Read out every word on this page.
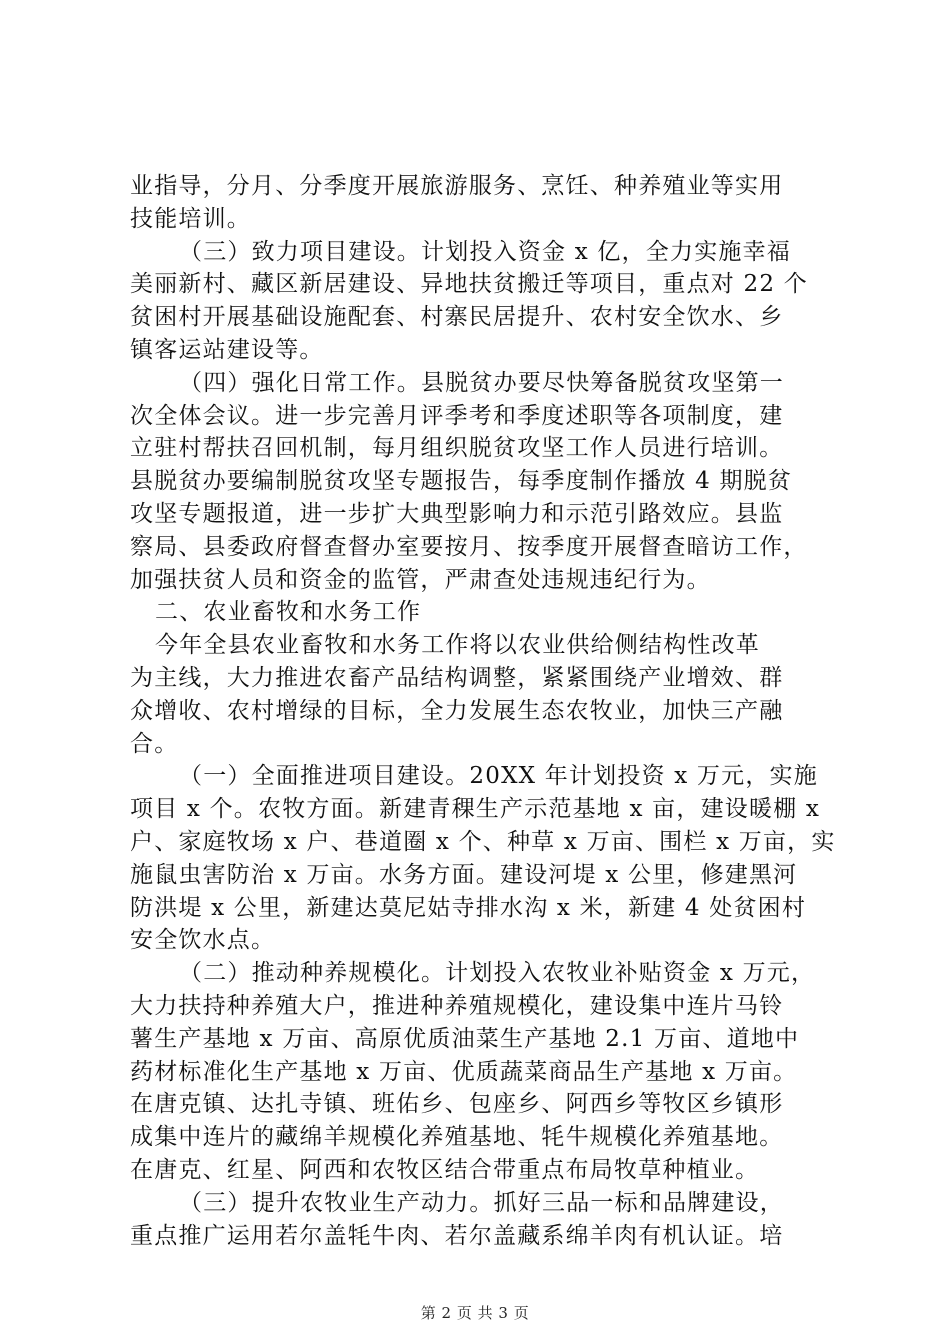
业指导，分月、分季度开展旅游服务、烹饪、种养殖业等实用
技能培训。
（三）致力项目建设。计划投入资金 x 亿，全力实施幸福
美丽新村、藏区新居建设、异地扶贫搬迁等项目，重点对 22 个
贫困村开展基础设施配套、村寨民居提升、农村安全饮水、乡
镇客运站建设等。
（四）强化日常工作。县脱贫办要尽快筹备脱贫攻坚第一
次全体会议。进一步完善月评季考和季度述职等各项制度，建
立驻村帮扶召回机制，每月组织脱贫攻坚工作人员进行培训。
县脱贫办要编制脱贫攻坚专题报告，每季度制作播放 4 期脱贫
攻坚专题报道，进一步扩大典型影响力和示范引路效应。县监
察局、县委政府督查督办室要按月、按季度开展督查暗访工作，
加强扶贫人员和资金的监管，严肃查处违规违纪行为。
二、农业畜牧和水务工作
今年全县农业畜牧和水务工作将以农业供给侧结构性改革
为主线，大力推进农畜产品结构调整，紧紧围绕产业增效、群
众增收、农村增绿的目标，全力发展生态农牧业，加快三产融
合。
（一）全面推进项目建设。20XX 年计划投资 x 万元，实施
项目 x 个。农牧方面。新建青稞生产示范基地 x 亩，建设暖棚 x
户、家庭牧场 x 户、巷道圈 x 个、种草 x 万亩、围栏 x 万亩，实
施鼠虫害防治 x 万亩。水务方面。建设河堤 x 公里，修建黑河
防洪堤 x 公里，新建达莫尼姑寺排水沟 x 米，新建 4 处贫困村
安全饮水点。
（二）推动种养规模化。计划投入农牧业补贴资金 x 万元，
大力扶持种养殖大户，推进种养殖规模化，建设集中连片马铃
薯生产基地 x 万亩、高原优质油菜生产基地 2.1 万亩、道地中
药材标准化生产基地 x 万亩、优质蔬菜商品生产基地 x 万亩。
在唐克镇、达扎寺镇、班佑乡、包座乡、阿西乡等牧区乡镇形
成集中连片的藏绵羊规模化养殖基地、牦牛规模化养殖基地。
在唐克、红星、阿西和农牧区结合带重点布局牧草种植业。
（三）提升农牧业生产动力。抓好三品一标和品牌建设，
重点推广运用若尔盖牦牛肉、若尔盖藏系绵羊肉有机认证。培
第 2 页 共 3 页
